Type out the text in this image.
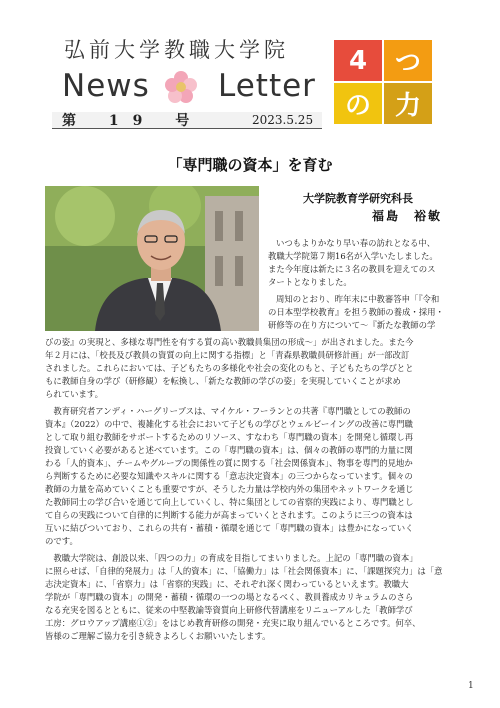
弘前大学教職大学院
News Letter
第 19 号	2023.5.25
4	つ
の 力
「専門職の資本」を育む
大学院教育学研究科長
福島　裕敏
いつもよりかなり早い春の訪れとなる中、
教職大学院第７期16名が入学いたしました。
また今年度は新たに３名の教員を迎えてのス
タートとなりました。
周知のとおり、昨年末に中教審答申「『令和
の日本型学校教育』を担う教師の養成・採用・
研修等の在り方について～『新たな教師の学
びの姿』の実現と、多様な専門性を有する質の高い教職員集団の形成～」が出されました。また今
年２月には、「校長及び教員の資質の向上に関する指標」と「青森県教職員研修計画」が一部改訂
されました。これらにおいては、子どもたちの多様化や社会の変化のもと、子どもたちの学びとと
もに教師自身の学び（研修観）を転換し、「新たな教師の学びの姿」を実現していくことが求め
られています。
　教育研究者アンディ・ハーグリーブスは、マイケル・フーランとの共著『専門職としての教師の
資本』（2022）の中で、複雑化する社会において子どもの学びとウェルビーイングの改善に専門職
として取り組む教師をサポートするためのリソース、すなわち「専門職の資本」を開発し循環し再
投資していく必要があると述べています。この「専門職の資本」は、個々の教師の専門的力量に関
わる「人的資本」、チームやグループの関係性の質に関する「社会関係資本」、物事を専門的見地か
ら判断するために必要な知識やスキルに関する「意志決定資本」の三つからなっています。個々の
教師の力量を高めていくことも重要ですが、そうした力量は学校内外の集団やネットワークを通じ
た教師同士の学び合いを通じて向上していくし、特に集団としての省察的実践により、専門職とし
て自らの実践について自律的に判断する能力が高まっていくとされます。このように三つの資本は
互いに結びついており、これらの共有・蓄積・循環を通じて「専門職の資本」は豊かになっていく
のです。
　教職大学院は、創設以来、「四つの力」の育成を目指してまいりました。上記の「専門職の資本」
に照らせば、「自律的発展力」は「人的資本」に、「協働力」は「社会関係資本」に、「課題探究力」は「意
志決定資本」に、「省察力」は「省察的実践」に、それぞれ深く関わっているといえます。教職大
学院が「専門職の資本」の開発・蓄積・循環の一つの場となるべく、教員養成カリキュラムのさら
なる充実を図るとともに、従来の中堅教諭等資質向上研修代替講座をリニューアルした「教師学び
工房：グロウアップ講座①②」をはじめ教育研修の開発・充実に取り組んでいるところです。何卒、
皆様のご理解ご協力を引き続きよろしくお願いいたします。
1
